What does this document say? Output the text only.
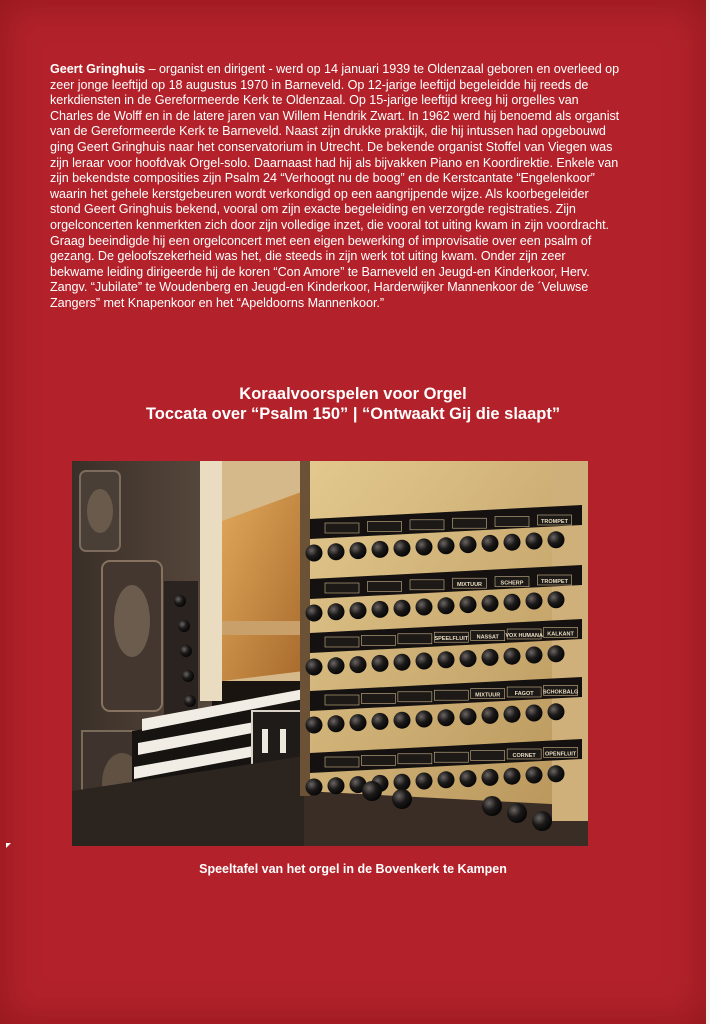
Geert Gringhuis – organist en dirigent - werd op 14 januari 1939 te Oldenzaal geboren en overleed op zeer jonge leeftijd op 18 augustus 1970 in Barneveld. Op 12-jarige leeftijd begeleidde hij reeds de kerkdiensten in de Gereformeerde Kerk te Oldenzaal. Op 15-jarige leeftijd kreeg hij orgelles van Charles de Wolff en in de latere jaren van Willem Hendrik Zwart. In 1962 werd hij benoemd als organist van de Gereformeerde Kerk te Barneveld. Naast zijn drukke praktijk, die hij intussen had opgebouwd ging Geert Gringhuis naar het conservatorium in Utrecht. De bekende organist Stoffel van Viegen was zijn leraar voor hoofdvak Orgel-solo. Daarnaast had hij als bijvakken Piano en Koordirektie. Enkele van zijn bekendste composities zijn Psalm 24 “Verhoogt nu de boog” en de Kerstcantate “Engelenkoor” waarin het gehele kerstgebeuren wordt verkondigd op een aangrijpende wijze. Als koorbegeleider stond Geert Gringhuis bekend, vooral om zijn exacte begeleiding en verzorgde registraties. Zijn orgelconcerten kenmerkten zich door zijn volledige inzet, die vooral tot uiting kwam in zijn voordracht. Graag beeindigde hij een orgelconcert met een eigen bewerking of improvisatie over een psalm of gezang. De geloofszekerheid was het, die steeds in zijn werk tot uiting kwam. Onder zijn zeer bekwame leiding dirigeerde hij de koren “Con Amore” te Barneveld en Jeugd-en Kinderkoor, Herv. Zangv. “Jubilate” te Woudenberg en Jeugd-en Kinderkoor, Harderwijker Mannenkoor de ´Veluwse Zangers” met Knapenkoor en het “Apeldoorns Mannenkoor.”
Koraalvoorspelen voor Orgel
Toccata over “Psalm 150” | “Ontwaakt Gij die slaapt”
TROMPET
MIXTUUR	SCHERP	TROMPET
SPEELFLUIT NASSAT VOX HUMANA KALKANT
MIXTUUR	FAGOT SCHOKBALG
CORNET OPENFLUIT
Speeltafel van het orgel in de Bovenkerk te Kampen
